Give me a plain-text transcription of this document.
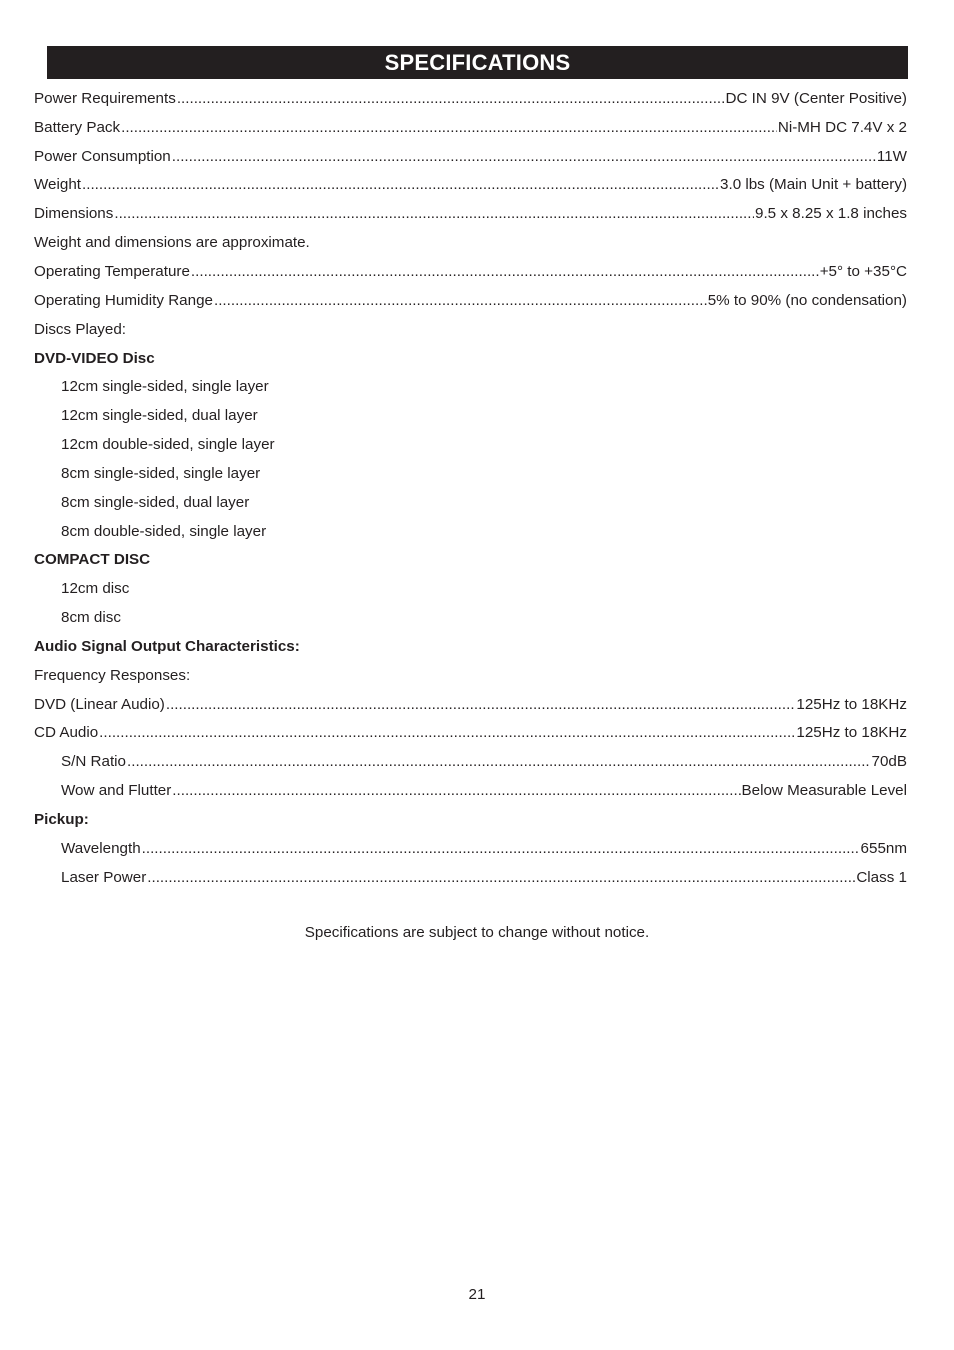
SPECIFICATIONS
Power Requirements .....	DC IN 9V (Center Positive)
Battery Pack .....	Ni-MH DC 7.4V x 2
Power Consumption .....	11W
Weight .....	3.0 lbs (Main Unit + battery)
Dimensions .....	9.5 x 8.25 x 1.8 inches
Weight and dimensions are approximate.
Operating Temperature .....	+5° to +35°C
Operating Humidity Range .....	5% to 90% (no condensation)
Discs Played:
DVD-VIDEO Disc
12cm single-sided, single layer
12cm single-sided, dual layer
12cm double-sided, single layer
8cm single-sided, single layer
8cm single-sided, dual layer
8cm double-sided, single layer
COMPACT DISC
12cm disc
8cm disc
Audio Signal Output Characteristics:
Frequency Responses:
DVD (Linear Audio) .....	125Hz to 18KHz
CD Audio .....	125Hz to 18KHz
S/N Ratio .....	70dB
Wow and Flutter .....	Below Measurable Level
Pickup:
Wavelength .....	655nm
Laser Power .....	Class 1
Specifications are subject to change without notice.
21
